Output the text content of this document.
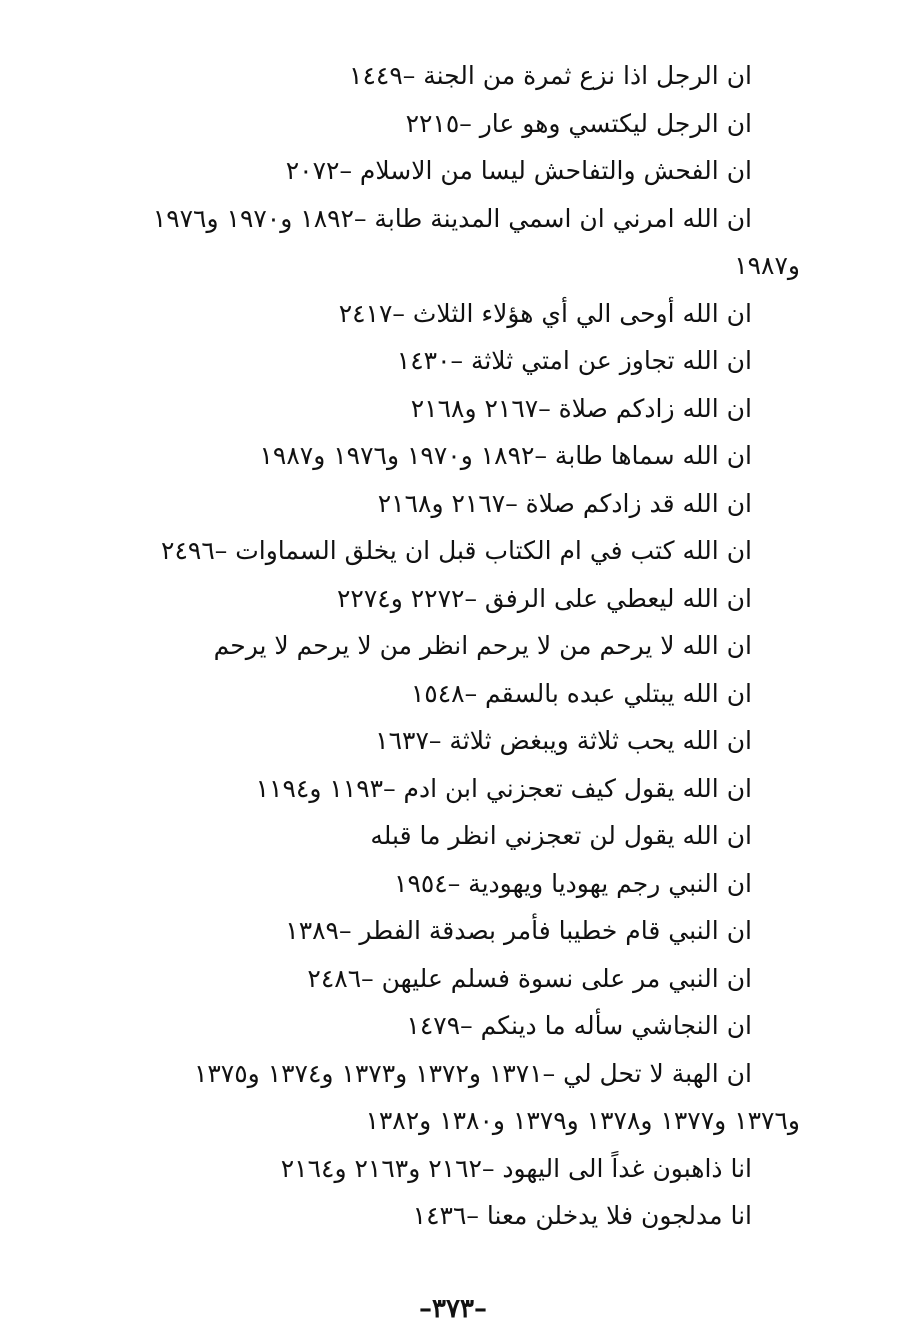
ان الرجل اذا نزع ثمرة من الجنة –١٤٤٩

ان الرجل ليكتسي وهو عار –٢٢١٥

ان الفحش والتفاحش ليسا من الاسلام –٢٠٧٢

ان الله امرني ان اسمي المدينة طابة –١٨٩٢ و١٩٧٠ و١٩٧٦

و١٩٨٧

ان الله أوحى الي أي هؤلاء الثلاث –٢٤١٧

ان الله تجاوز عن امتي ثلاثة –١٤٣٠

ان الله زادكم صلاة –٢١٦٧ و٢١٦٨

ان الله سماها طابة –١٨٩٢ و١٩٧٠ و١٩٧٦ و١٩٨٧

ان الله قد زادكم صلاة –٢١٦٧ و٢١٦٨

ان الله كتب في ام الكتاب قبل ان يخلق السماوات –٢٤٩٦

ان الله ليعطي على الرفق –٢٢٧٢ و٢٢٧٤

ان الله لا يرحم من لا يرحم انظر من لا يرحم لا يرحم

ان الله يبتلي عبده بالسقم –١٥٤٨

ان الله يحب ثلاثة ويبغض ثلاثة –١٦٣٧

ان الله يقول كيف تعجزني ابن ادم –١١٩٣ و١١٩٤

ان الله يقول لن تعجزني انظر ما قبله

ان النبي رجم يهوديا ويهودية –١٩٥٤

ان النبي قام خطيبا فأمر بصدقة الفطر –١٣٨٩

ان النبي مر على نسوة فسلم عليهن –٢٤٨٦

ان النجاشي سأله ما دينكم –١٤٧٩

ان الهبة لا تحل لي –١٣٧١ و١٣٧٢ و١٣٧٣ و١٣٧٤ و١٣٧٥

و١٣٧٦ و١٣٧٧ و١٣٧٨ و١٣٧٩ و١٣٨٠ و١٣٨٢

انا ذاهبون غداً الى اليهود –٢١٦٢ و٢١٦٣ و٢١٦٤

انا مدلجون فلا يدخلن معنا –١٤٣٦

–٣٧٣–
